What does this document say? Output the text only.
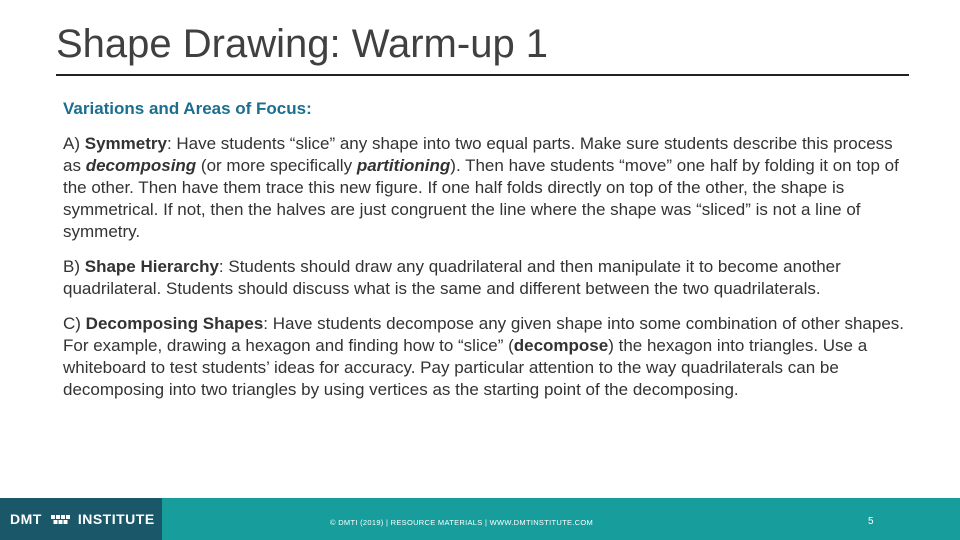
Shape Drawing: Warm-up 1
Variations and Areas of Focus:
A) Symmetry: Have students “slice” any shape into two equal parts. Make sure students describe this process as decomposing (or more specifically partitioning). Then have students “move” one half by folding it on top of the other. Then have them trace this new figure. If one half folds directly on top of the other, the shape is symmetrical. If not, then the halves are just congruent the line where the shape was “sliced” is not a line of symmetry.
B) Shape Hierarchy: Students should draw any quadrilateral and then manipulate it to become another quadrilateral. Students should discuss what is the same and different between the two quadrilaterals.
C) Decomposing Shapes: Have students decompose any given shape into some combination of other shapes. For example, drawing a hexagon and finding how to “slice” (decompose) the hexagon into triangles. Use a whiteboard to test students’ ideas for accuracy. Pay particular attention to the way quadrilaterals can be decomposing into two triangles by using vertices as the starting point of the decomposing.
DMT	INSTITUTE	© DMTI (2019) | RESOURCE MATERIALS | WWW.DMTINSTITUTE.COM	5
